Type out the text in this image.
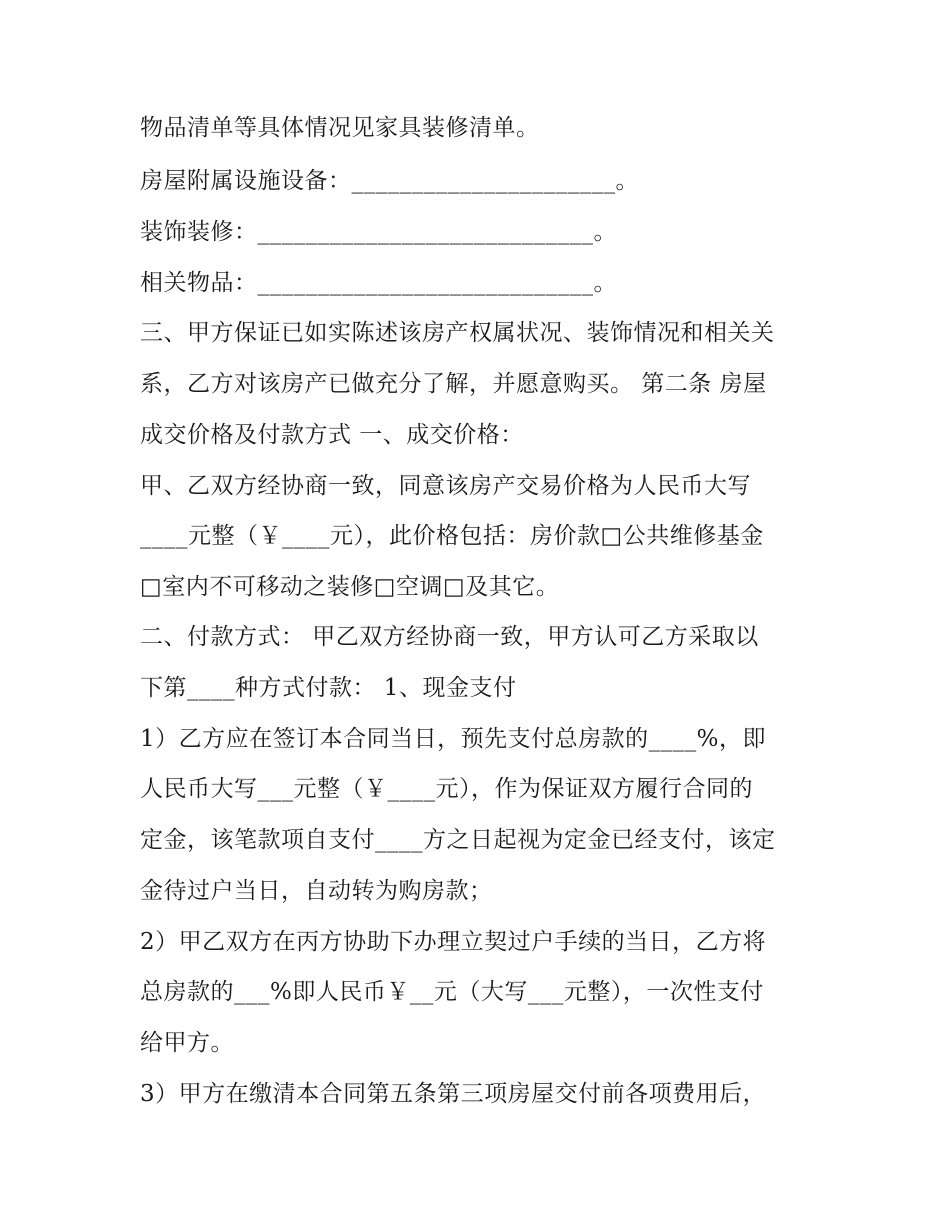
物品清单等具体情况见家具装修清单。
房屋附属设施设备：______________________。
装饰装修：____________________________。
相关物品：____________________________。
三、甲方保证已如实陈述该房产权属状况、装饰情况和相关关
系，乙方对该房产已做充分了解，并愿意购买。 第二条 房屋
成交价格及付款方式 一、成交价格：
甲、乙双方经协商一致，同意该房产交易价格为人民币大写
____元整（￥____元），此价格包括：房价款□公共维修基金
□室内不可移动之装修□空调□及其它。
二、付款方式： 甲乙双方经协商一致，甲方认可乙方采取以
下第____种方式付款： 1、现金支付
1）乙方应在签订本合同当日，预先支付总房款的____%，即
人民币大写___元整（￥____元），作为保证双方履行合同的
定金，该笔款项自支付____方之日起视为定金已经支付，该定
金待过户当日，自动转为购房款；
2）甲乙双方在丙方协助下办理立契过户手续的当日，乙方将
总房款的___%即人民币￥__元（大写___元整），一次性支付
给甲方。
3）甲方在缴清本合同第五条第三项房屋交付前各项费用后，
